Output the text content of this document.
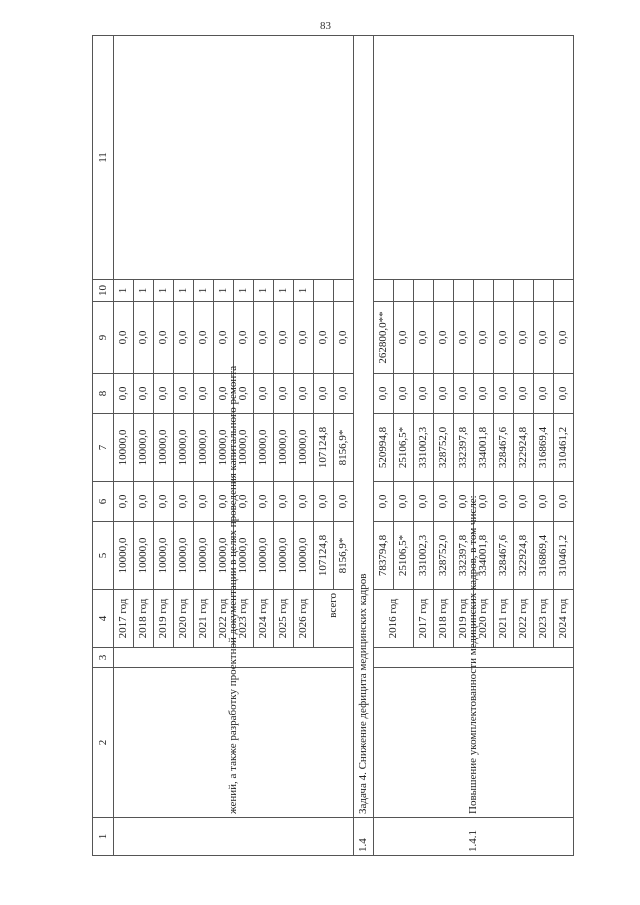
83
1	2	3	4	5	6	7	8	9	10	11
	жений, а также разработку проектной документации в целях проведения капитального ремонта		2017 год	10000,0	0,0	10000,0	0,0	0,0	1	
			2018 год	10000,0	0,0	10000,0	0,0	0,0	1	
			2019 год	10000,0	0,0	10000,0	0,0	0,0	1	
			2020 год	10000,0	0,0	10000,0	0,0	0,0	1	
			2021 год	10000,0	0,0	10000,0	0,0	0,0	1	
			2022 год	10000,0	0,0	10000,0	0,0	0,0	1	
			2023 год	10000,0	0,0	10000,0	0,0	0,0	1	
			2024 год	10000,0	0,0	10000,0	0,0	0,0	1	
			2025 год	10000,0	0,0	10000,0	0,0	0,0	1	
			2026 год	10000,0	0,0	10000,0	0,0	0,0	1	
			всего	107124,8	0,0	107124,8	0,0	0,0		
				8156,9*	0,0	8156,9*	0,0	0,0		
1.4	Задача 4. Снижение дефицита медицинских кадров									
1.4.1	Повышение укомплектованности медицинских кадров, в том числе:		2016 год	783794,8	0,0	520994,8	0,0	262800,0**		
				25106,5*	0,0	25106,5*	0,0	0,0		
			2017 год	331002,3	0,0	331002,3	0,0	0,0		
			2018 год	328752,0	0,0	328752,0	0,0	0,0		
			2019 год	332397,8	0,0	332397,8	0,0	0,0		
			2020 год	334001,8	0,0	334001,8	0,0	0,0		
			2021 год	328467,6	0,0	328467,6	0,0	0,0		
			2022 год	322924,8	0,0	322924,8	0,0	0,0		
			2023 год	316869,4	0,0	316869,4	0,0	0,0		
			2024 год	310461,2	0,0	310461,2	0,0	0,0		
